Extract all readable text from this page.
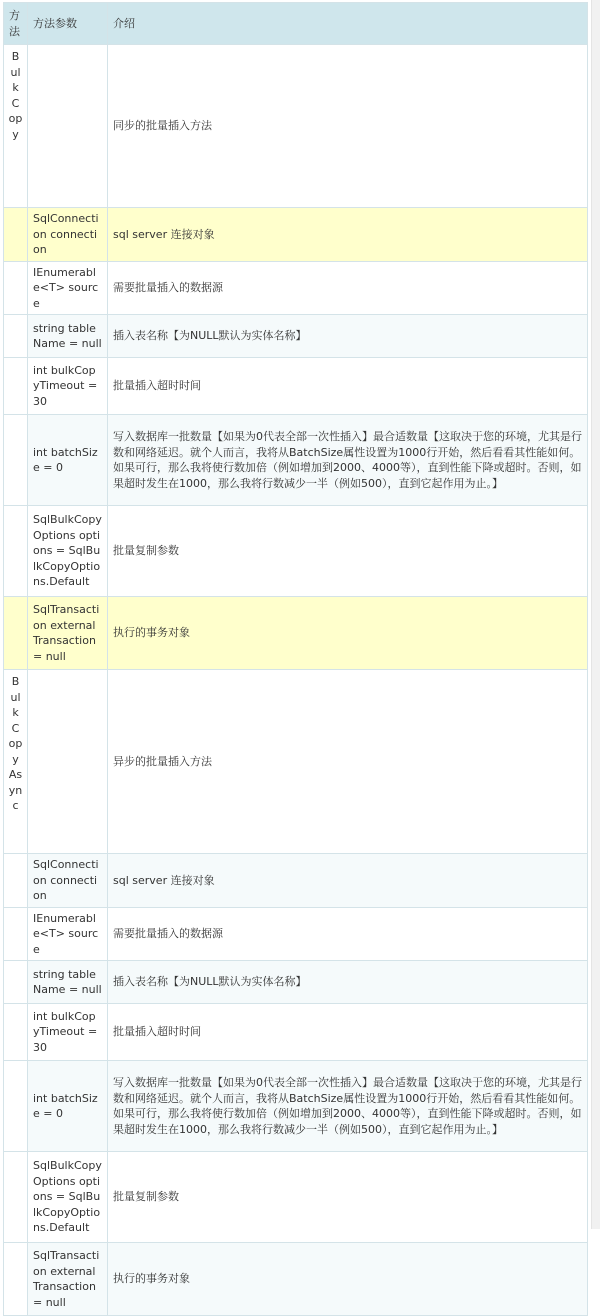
方法	方法参数	介绍
BulkCopy		同步的批量插入方法
	SqlConnection connection	sql server 连接对象
	IEnumerable<T> source	需要批量插入的数据源
	string tableName = null	插入表名称【为NULL默认为实体名称】
	int bulkCopyTimeout = 30	批量插入超时时间
	int batchSize = 0	写入数据库一批数量【如果为0代表全部一次性插入】最合适数量【这取决于您的环境，尤其是行数和网络延迟。就个人而言，我将从BatchSize属性设置为1000行开始，然后看看其性能如何。如果可行，那么我将使行数加倍（例如增加到2000、4000等），直到性能下降或超时。否则，如果超时发生在1000，那么我将行数减少一半（例如500），直到它起作用为止。】
	SqlBulkCopyOptions options = SqlBulkCopyOptions.Default	批量复制参数
	SqlTransaction externalTransaction = null	执行的事务对象
BulkCopyAsync		异步的批量插入方法
	SqlConnection connection	sql server 连接对象
	IEnumerable<T> source	需要批量插入的数据源
	string tableName = null	插入表名称【为NULL默认为实体名称】
	int bulkCopyTimeout = 30	批量插入超时时间
	int batchSize = 0	写入数据库一批数量【如果为0代表全部一次性插入】最合适数量【这取决于您的环境，尤其是行数和网络延迟。就个人而言，我将从BatchSize属性设置为1000行开始，然后看看其性能如何。如果可行，那么我将使行数加倍（例如增加到2000、4000等），直到性能下降或超时。否则，如果超时发生在1000，那么我将行数减少一半（例如500），直到它起作用为止。】
	SqlBulkCopyOptions options = SqlBulkCopyOptions.Default	批量复制参数
	SqlTransaction externalTransaction = null	执行的事务对象
